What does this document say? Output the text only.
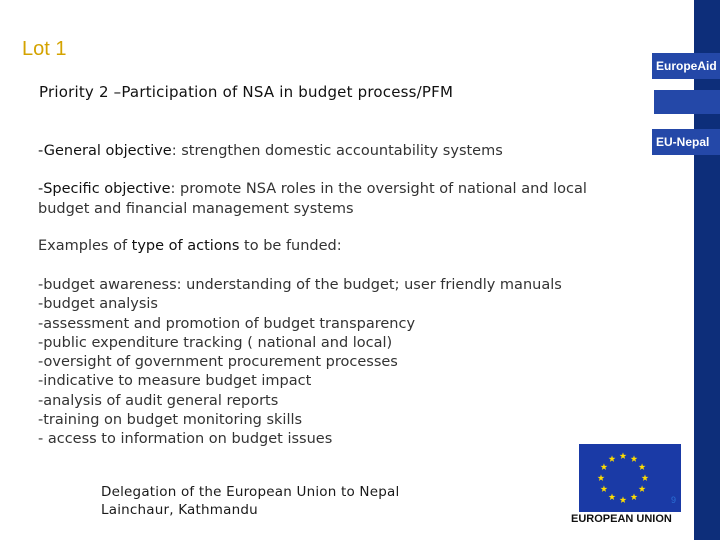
EuropeAid
EU-Nepal
Lot 1
Priority 2 –Participation of NSA in budget process/PFM
-General objective: strengthen domestic accountability systems
-Specific objective: promote NSA roles in the oversight of national and local budget and financial management systems
Examples of type of actions to be funded:
-budget awareness: understanding of the budget; user friendly manuals
-budget analysis
-assessment and promotion of budget transparency
-public expenditure tracking ( national and local)
-oversight of government procurement processes
-indicative to measure budget impact
-analysis of audit general reports
-training on budget monitoring skills
- access to information on budget issues
Delegation of the European Union to Nepal
Lainchaur, Kathmandu
9
EUROPEAN UNION
